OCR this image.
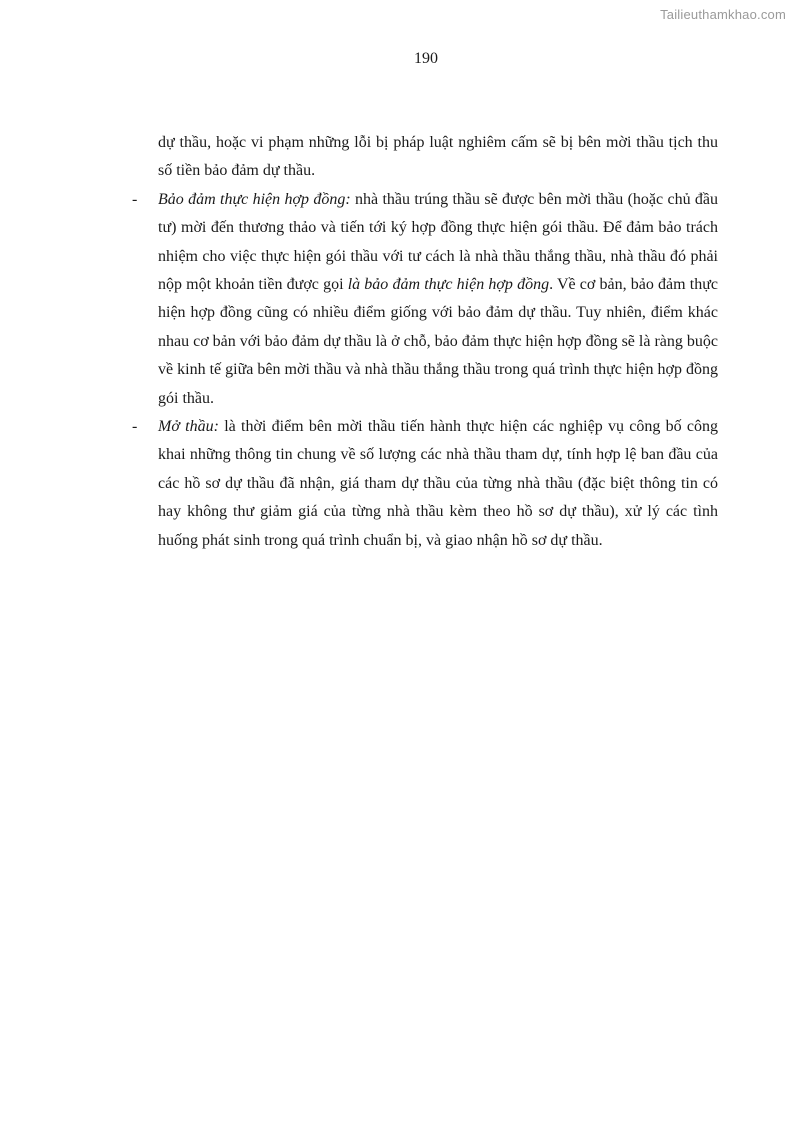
Tailieuthamkhao.com
190

dự thầu, hoặc vi phạm những lỗi bị pháp luật nghiêm cấm sẽ bị bên mời thầu tịch thu số tiền bảo đảm dự thầu.

- Bảo đảm thực hiện hợp đồng: nhà thầu trúng thầu sẽ được bên mời thầu (hoặc chủ đầu tư) mời đến thương thảo và tiến tới ký hợp đồng thực hiện gói thầu. Để đảm bảo trách nhiệm cho việc thực hiện gói thầu với tư cách là nhà thầu thắng thầu, nhà thầu đó phải nộp một khoản tiền được gọi là bảo đảm thực hiện hợp đồng. Về cơ bản, bảo đảm thực hiện hợp đồng cũng có nhiều điểm giống với bảo đảm dự thầu. Tuy nhiên, điểm khác nhau cơ bản với bảo đảm dự thầu là ở chỗ, bảo đảm thực hiện hợp đồng sẽ là ràng buộc về kinh tế giữa bên mời thầu và nhà thầu thắng thầu trong quá trình thực hiện hợp đồng gói thầu.

- Mở thầu: là thời điểm bên mời thầu tiến hành thực hiện các nghiệp vụ công bố công khai những thông tin chung về số lượng các nhà thầu tham dự, tính hợp lệ ban đầu của các hồ sơ dự thầu đã nhận, giá tham dự thầu của từng nhà thầu (đặc biệt thông tin có hay không thư giảm giá của từng nhà thầu kèm theo hồ sơ dự thầu), xử lý các tình huống phát sinh trong quá trình chuẩn bị, và giao nhận hồ sơ dự thầu.
